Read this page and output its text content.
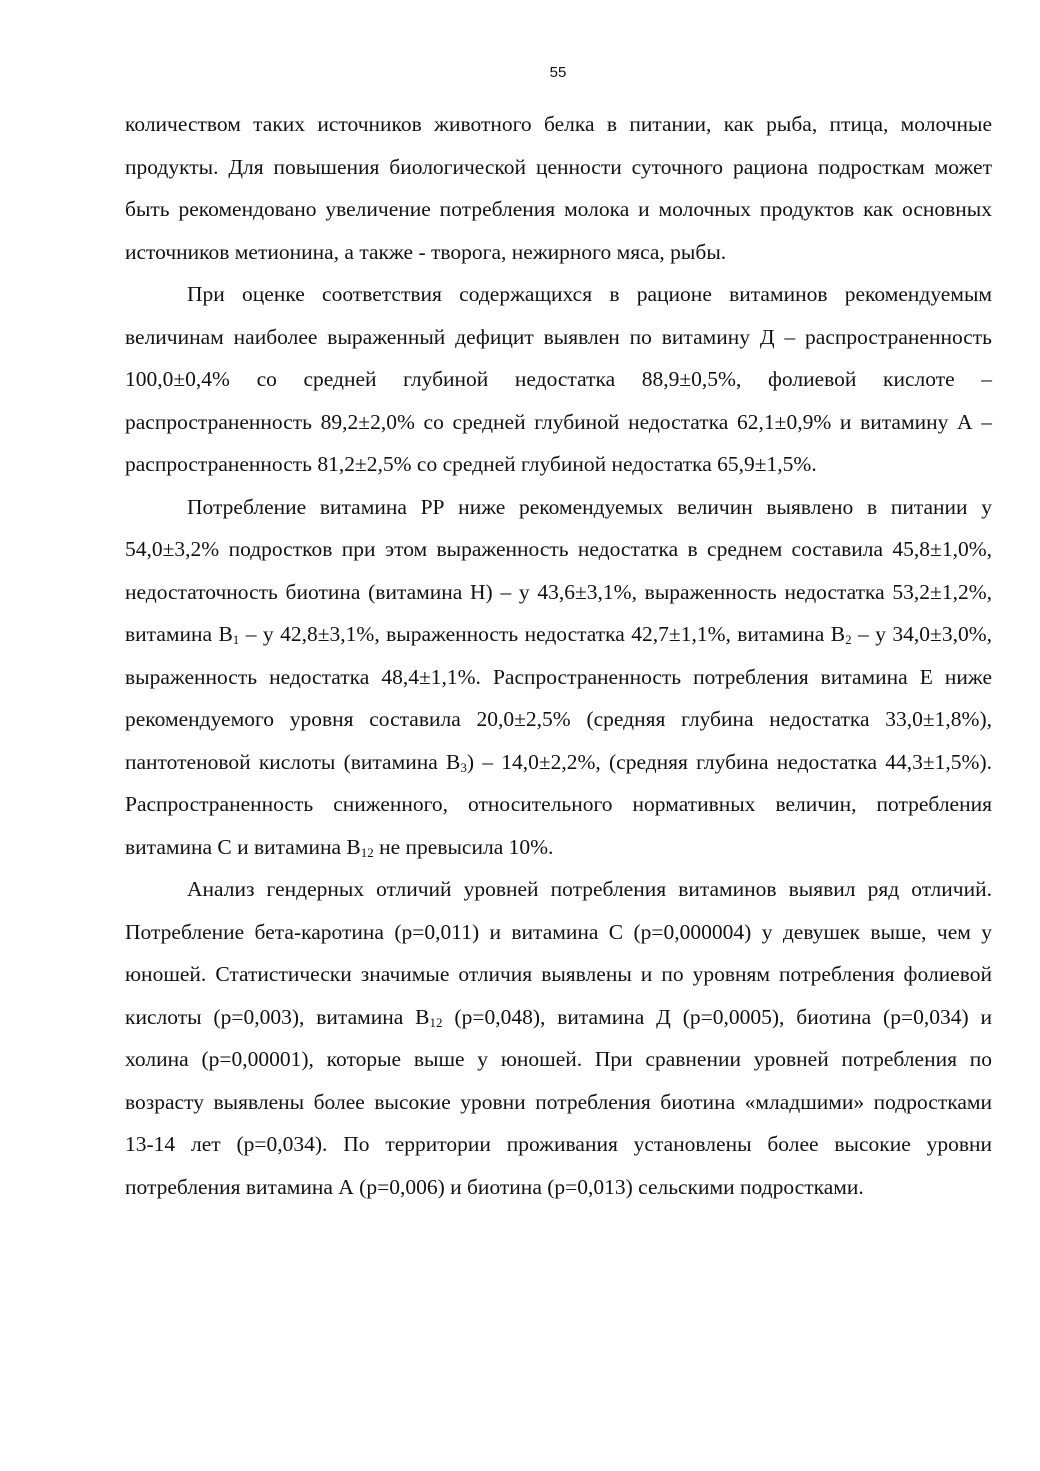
55

количеством таких источников животного белка в питании, как рыба, птица, молочные продукты. Для повышения биологической ценности суточного рациона подросткам может быть рекомендовано увеличение потребления молока и молочных продуктов как основных источников метионина, а также - творога, нежирного мяса, рыбы.

При оценке соответствия содержащихся в рационе витаминов рекомендуемым величинам наиболее выраженный дефицит выявлен по витамину Д – распространенность 100,0±0,4% со средней глубиной недостатка 88,9±0,5%, фолиевой кислоте – распространенность 89,2±2,0% со средней глубиной недостатка 62,1±0,9% и витамину А – распространенность 81,2±2,5% со средней глубиной недостатка 65,9±1,5%.

Потребление витамина РР ниже рекомендуемых величин выявлено в питании у 54,0±3,2% подростков при этом выраженность недостатка в среднем составила 45,8±1,0%, недостаточность биотина (витамина Н) – у 43,6±3,1%, выраженность недостатка 53,2±1,2%, витамина $В_1$ – у 42,8±3,1%, выраженность недостатка 42,7±1,1%, витамина $В_2$ – у 34,0±3,0%, выраженность недостатка 48,4±1,1%. Распространенность потребления витамина Е ниже рекомендуемого уровня составила 20,0±2,5% (средняя глубина недостатка 33,0±1,8%), пантотеновой кислоты (витамина $В_3) - 14,0\pm 2,2\%$, (средняя глубина недостатка 44,3±1,5%). Распространенность сниженного, относительного нормативных величин, потребления витамина С и витамина $В_{12}$ не превысила 10%.

Анализ гендерных отличий уровней потребления витаминов выявил ряд отличий. Потребление бета-каротина (р=0,011) и витамина С (р=0,000004) у девушек выше, чем у юношей. Статистически значимые отличия выявлены и по уровням потребления фолиевой кислоты (р=0,003), витамина $В_{12}$ (р=0,048), витамина Д (р=0,0005), биотина (р=0,034) и холина (р=0,00001), которые выше у юношей. При сравнении уровней потребления по возрасту выявлены более высокие уровни потребления биотина «младшими» подростками 13-14 лет (р=0,034). По территории проживания установлены более высокие уровни потребления витамина А (р=0,006) и биотина (р=0,013) сельскими подростками.
